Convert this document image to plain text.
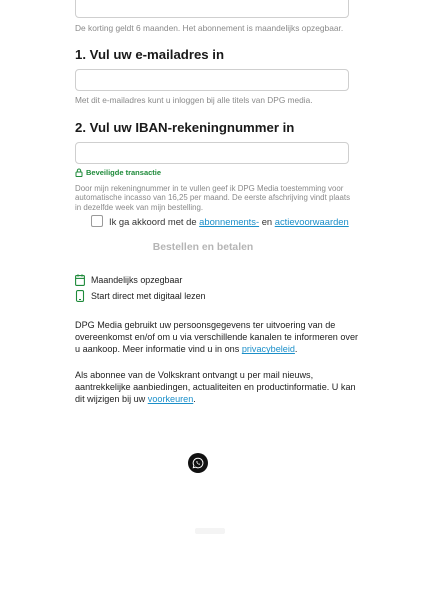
De korting geldt 6 maanden. Het abonnement is maandelijks opzegbaar.
1. Vul uw e-mailadres in
Met dit e-mailadres kunt u inloggen bij alle titels van DPG media.
2. Vul uw IBAN-rekeningnummer in
Beveiligde transactie
Door mijn rekeningnummer in te vullen geef ik DPG Media toestemming voor automatische incasso van 16,25 per maand. De eerste afschrijving vindt plaats in dezelfde week van mijn bestelling.
Ik ga akkoord met de abonnements- en actievoorwaarden
Bestellen en betalen
Maandelijks opzegbaar
Start direct met digitaal lezen
DPG Media gebruikt uw persoonsgegevens ter uitvoering van de overeenkomst en/of om u via verschillende kanalen te informeren over u aankoop. Meer informatie vind u in ons privacybeleid.
Als abonnee van de Volkskrant ontvangt u per mail nieuws, aantrekkelijke aanbiedingen, actualiteiten en productinformatie. U kan dit wijzigen bij uw voorkeuren.
